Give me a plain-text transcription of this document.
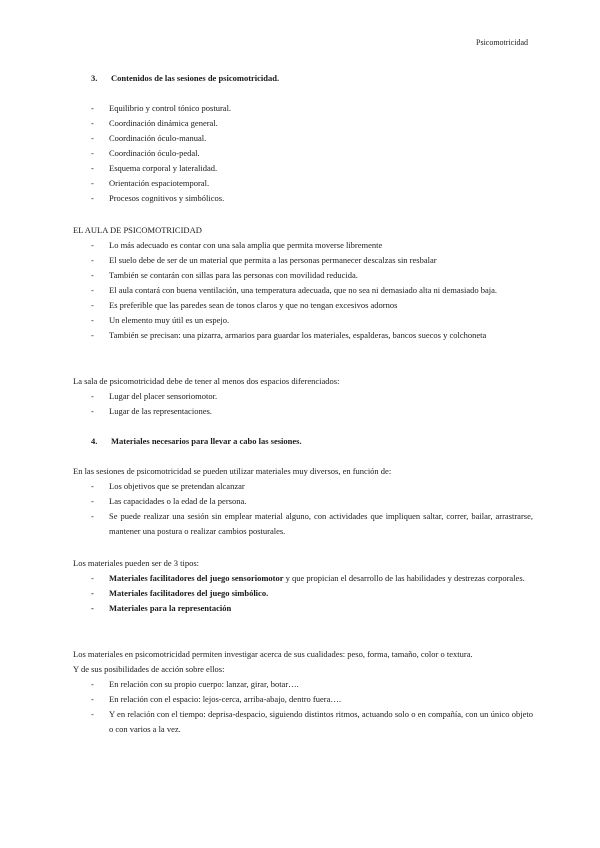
Psicomotricidad
3. Contenidos de las sesiones de psicomotricidad.
- Equilibrio y control tónico postural.
- Coordinación dinámica general.
- Coordinación óculo-manual.
- Coordinación óculo-pedal.
- Esquema corporal y lateralidad.
- Orientación espaciotemporal.
- Procesos cognitivos y simbólicos.
EL AULA DE PSICOMOTRICIDAD
- Lo más adecuado es contar con una sala amplia que permita moverse libremente
- El suelo debe de ser de un material que permita a las personas permanecer descalzas sin resbalar
- También se contarán con sillas para las personas con movilidad reducida.
- El aula contará con buena ventilación, una temperatura adecuada, que no sea ni demasiado alta ni demasiado baja.
- Es preferible que las paredes sean de tonos claros y que no tengan excesivos adornos
- Un elemento muy útil es un espejo.
- También se precisan: una pizarra, armarios para guardar los materiales, espalderas, bancos suecos y colchoneta
La sala de psicomotricidad debe de tener al menos dos espacios diferenciados:
- Lugar del placer sensoriomotor.
- Lugar de las representaciones.
4. Materiales necesarios para llevar a cabo las sesiones.
En las sesiones de psicomotricidad se pueden utilizar materiales muy diversos, en función de:
- Los objetivos que se pretendan alcanzar
- Las capacidades o la edad de la persona.
- Se puede realizar una sesión sin emplear material alguno, con actividades que impliquen saltar, correr, bailar, arrastrarse, mantener una postura o realizar cambios posturales.
Los materiales pueden ser de 3 tipos:
- Materiales facilitadores del juego sensoriomotor y que propician el desarrollo de las habilidades y destrezas corporales.
- Materiales facilitadores del juego simbólico.
- Materiales para la representación
Los materiales en psicomotricidad permiten investigar acerca de sus cualidades: peso, forma, tamaño, color o textura.
Y de sus posibilidades de acción sobre ellos:
- En relación con su propio cuerpo: lanzar, girar, botar….
- En relación con el espacio: lejos-cerca, arriba-abajo, dentro fuera….
- Y en relación con el tiempo: deprisa-despacio, siguiendo distintos ritmos, actuando solo o en compañía, con un único objeto o con varios a la vez.
